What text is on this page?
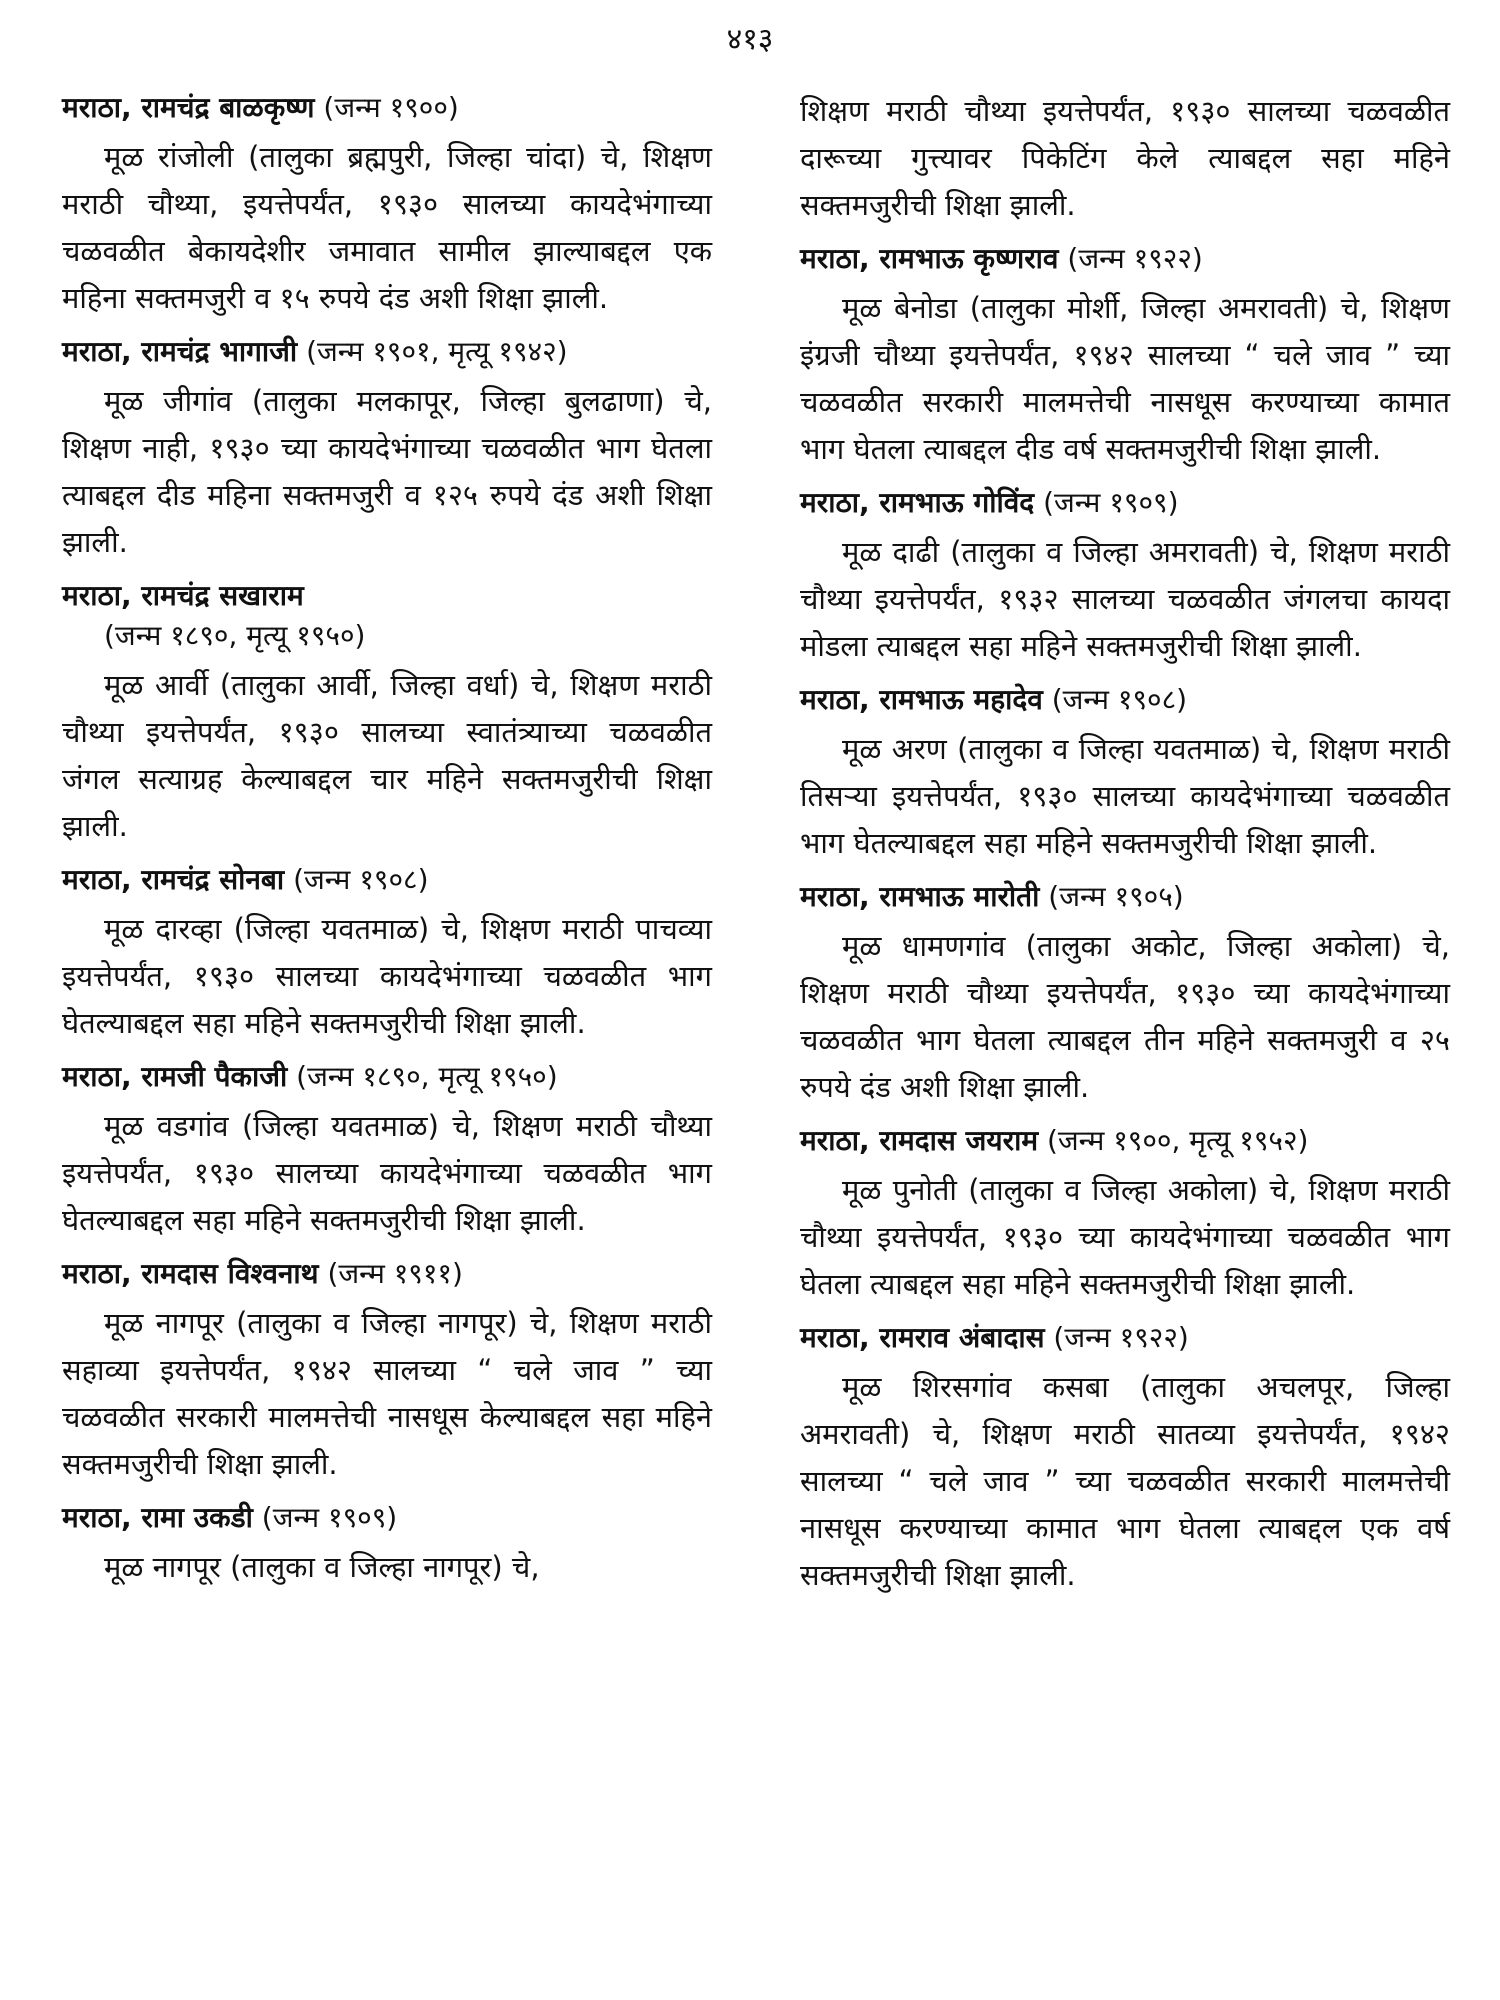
४१३
मराठा, रामचंद्र बाळकृष्ण (जन्म १९००)

मूळ रांजोली (तालुका ब्रह्मपुरी, जिल्हा चांदा) चे, शिक्षण मराठी चौथ्या, इयत्तेपर्यंत, १९३० सालच्या कायदेभंगाच्या चळवळीत बेकायदेशीर जमावात सामील झाल्याबद्दल एक महिना सक्तमजुरी व १५ रुपये दंड अशी शिक्षा झाली.

मराठा, रामचंद्र भागाजी (जन्म १९०१, मृत्यू १९४२)

मूळ जीगांव (तालुका मलकापूर, जिल्हा बुलढाणा) चे, शिक्षण नाही, १९३० च्या कायदेभंगाच्या चळवळीत भाग घेतला त्याबद्दल दीड महिना सक्तमजुरी व १२५ रुपये दंड अशी शिक्षा झाली.

मराठा, रामचंद्र सखाराम
(जन्म १८९०, मृत्यू १९५०)

मूळ आर्वी (तालुका आर्वी, जिल्हा वर्धा) चे, शिक्षण मराठी चौथ्या इयत्तेपर्यंत, १९३० सालच्या स्वातंत्र्याच्या चळवळीत जंगल सत्याग्रह केल्याबद्दल चार महिने सक्तमजुरीची शिक्षा झाली.

मराठा, रामचंद्र सोनबा (जन्म १९०८)

मूळ दारव्हा (जिल्हा यवतमाळ) चे, शिक्षण मराठी पाचव्या इयत्तेपर्यंत, १९३० सालच्या कायदेभंगाच्या चळवळीत भाग घेतल्याबद्दल सहा महिने सक्तमजुरीची शिक्षा झाली.

मराठा, रामजी पैकाजी (जन्म १८९०, मृत्यू १९५०)

मूळ वडगांव (जिल्हा यवतमाळ) चे, शिक्षण मराठी चौथ्या इयत्तेपर्यंत, १९३० सालच्या कायदेभंगाच्या चळवळीत भाग घेतल्याबद्दल सहा महिने सक्तमजुरीची शिक्षा झाली.

मराठा, रामदास विश्वनाथ (जन्म १९११)

मूळ नागपूर (तालुका व जिल्हा नागपूर) चे, शिक्षण मराठी सहाव्या इयत्तेपर्यंत, १९४२ सालच्या “ चले जाव ” च्या चळवळीत सरकारी मालमत्तेची नासधूस केल्याबद्दल सहा महिने सक्तमजुरीची शिक्षा झाली.

मराठा, रामा उकडी (जन्म १९०९)

मूळ नागपूर (तालुका व जिल्हा नागपूर) चे,

शिक्षण मराठी चौथ्या इयत्तेपर्यंत, १९३० सालच्या चळवळीत दारूच्या गुत्त्यावर पिकेटिंग केले त्याबद्दल सहा महिने सक्तमजुरीची शिक्षा झाली.

मराठा, रामभाऊ कृष्णराव (जन्म १९२२)

मूळ बेनोडा (तालुका मोर्शी, जिल्हा अमरावती) चे, शिक्षण इंग्रजी चौथ्या इयत्तेपर्यंत, १९४२ सालच्या “ चले जाव ” च्या चळवळीत सरकारी मालमत्तेची नासधूस करण्याच्या कामात भाग घेतला त्याबद्दल दीड वर्ष सक्तमजुरीची शिक्षा झाली.

मराठा, रामभाऊ गोविंद (जन्म १९०९)

मूळ दाढी (तालुका व जिल्हा अमरावती) चे, शिक्षण मराठी चौथ्या इयत्तेपर्यंत, १९३२ सालच्या चळवळीत जंगलचा कायदा मोडला त्याबद्दल सहा महिने सक्तमजुरीची शिक्षा झाली.

मराठा, रामभाऊ महादेव (जन्म १९०८)

मूळ अरण (तालुका व जिल्हा यवतमाळ) चे, शिक्षण मराठी तिसऱ्या इयत्तेपर्यंत, १९३० सालच्या कायदेभंगाच्या चळवळीत भाग घेतल्याबद्दल सहा महिने सक्तमजुरीची शिक्षा झाली.

मराठा, रामभाऊ मारोती (जन्म १९०५)

मूळ धामणगांव (तालुका अकोट, जिल्हा अकोला) चे, शिक्षण मराठी चौथ्या इयत्तेपर्यंत, १९३० च्या कायदेभंगाच्या चळवळीत भाग घेतला त्याबद्दल तीन महिने सक्तमजुरी व २५ रुपये दंड अशी शिक्षा झाली.

मराठा, रामदास जयराम (जन्म १९००, मृत्यू १९५२)

मूळ पुनोती (तालुका व जिल्हा अकोला) चे, शिक्षण मराठी चौथ्या इयत्तेपर्यंत, १९३० च्या कायदेभंगाच्या चळवळीत भाग घेतला त्याबद्दल सहा महिने सक्तमजुरीची शिक्षा झाली.

मराठा, रामराव अंबादास (जन्म १९२२)

मूळ शिरसगांव कसबा (तालुका अचलपूर, जिल्हा अमरावती) चे, शिक्षण मराठी सातव्या इयत्तेपर्यंत, १९४२ सालच्या “ चले जाव ” च्या चळवळीत सरकारी मालमत्तेची नासधूस करण्याच्या कामात भाग घेतला त्याबद्दल एक वर्ष सक्तमजुरीची शिक्षा झाली.
